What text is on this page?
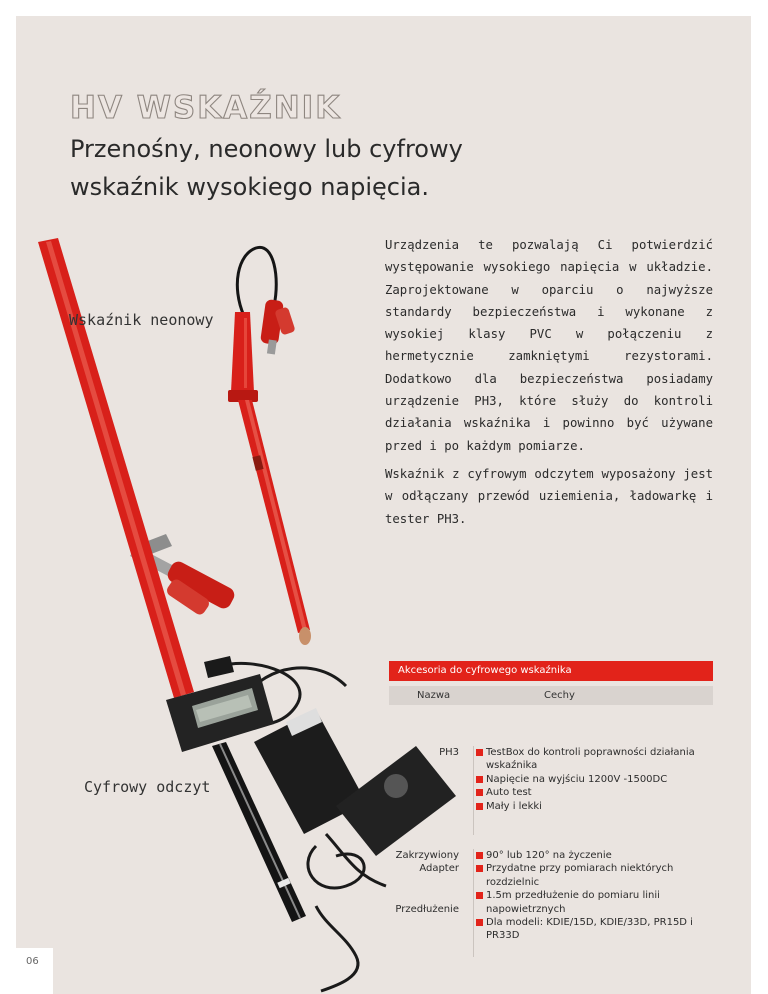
HV WSKAŹNIK
Przenośny, neonowy lub cyfrowy
wskaźnik wysokiego napięcia.
Wskaźnik neonowy
Cyfrowy odczyt

Urządzenia te pozwalają Ci potwierdzić występowanie wysokiego napięcia w układzie. Zaprojektowane w oparciu o najwyższe standardy bezpieczeństwa i wykonane z wysokiej klasy PVC w połączeniu z hermetycznie zamkniętymi rezystorami. Dodatkowo dla bezpieczeństwa posiadamy urządzenie PH3, które służy do kontroli działania wskaźnika i powinno być używane przed i po każdym pomiarze.

Wskaźnik z cyfrowym odczytem wyposażony jest w odłączany przewód uziemienia, ładowarkę i tester PH3.

Akcesoria do cyfrowego wskaźnika
Nazwa	Cechy
PH3	TestBox do kontroli poprawności działania wskaźnika
Napięcie na wyjściu 1200V -1500DC
Auto test
Mały i lekki
Zakrzywiony
Adapter

Przedłużenie
90° lub 120° na życzenie
Przydatne przy pomiarach niektórych rozdzielnic
1.5m przedłużenie do pomiaru linii napowietrznych
Dla modeli: KDIE/15D, KDIE/33D, PR15D i PR33D
06
